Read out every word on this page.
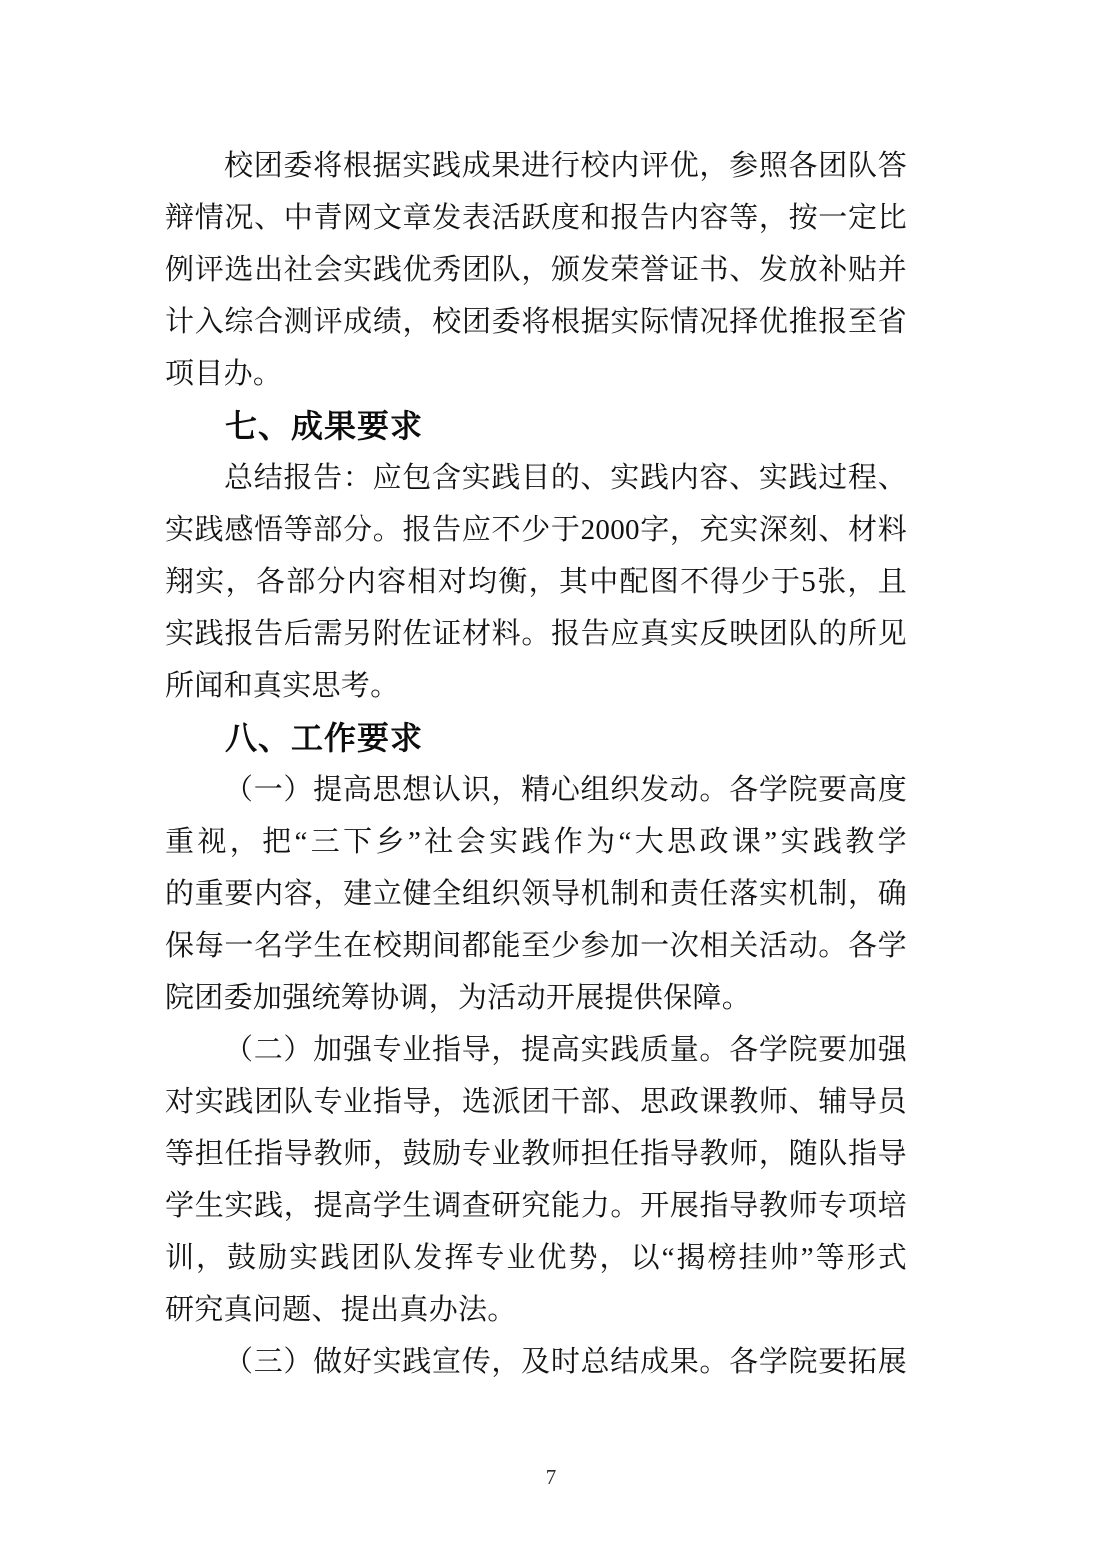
校团委将根据实践成果进行校内评优，参照各团队答
辩情况、中青网文章发表活跃度和报告内容等，按一定比
例评选出社会实践优秀团队，颁发荣誉证书、发放补贴并
计入综合测评成绩，校团委将根据实际情况择优推报至省
项目办。
七、成果要求
总结报告：应包含实践目的、实践内容、实践过程、
实践感悟等部分。报告应不少于2000字，充实深刻、材料
翔实，各部分内容相对均衡，其中配图不得少于5张，且
实践报告后需另附佐证材料。报告应真实反映团队的所见
所闻和真实思考。
八、工作要求
（一）提高思想认识，精心组织发动。各学院要高度
重视，把“三下乡”社会实践作为“大思政课”实践教学
的重要内容，建立健全组织领导机制和责任落实机制，确
保每一名学生在校期间都能至少参加一次相关活动。各学
院团委加强统筹协调，为活动开展提供保障。
（二）加强专业指导，提高实践质量。各学院要加强
对实践团队专业指导，选派团干部、思政课教师、辅导员
等担任指导教师，鼓励专业教师担任指导教师，随队指导
学生实践，提高学生调查研究能力。开展指导教师专项培
训，鼓励实践团队发挥专业优势，以“揭榜挂帅”等形式
研究真问题、提出真办法。
（三）做好实践宣传，及时总结成果。各学院要拓展
7
